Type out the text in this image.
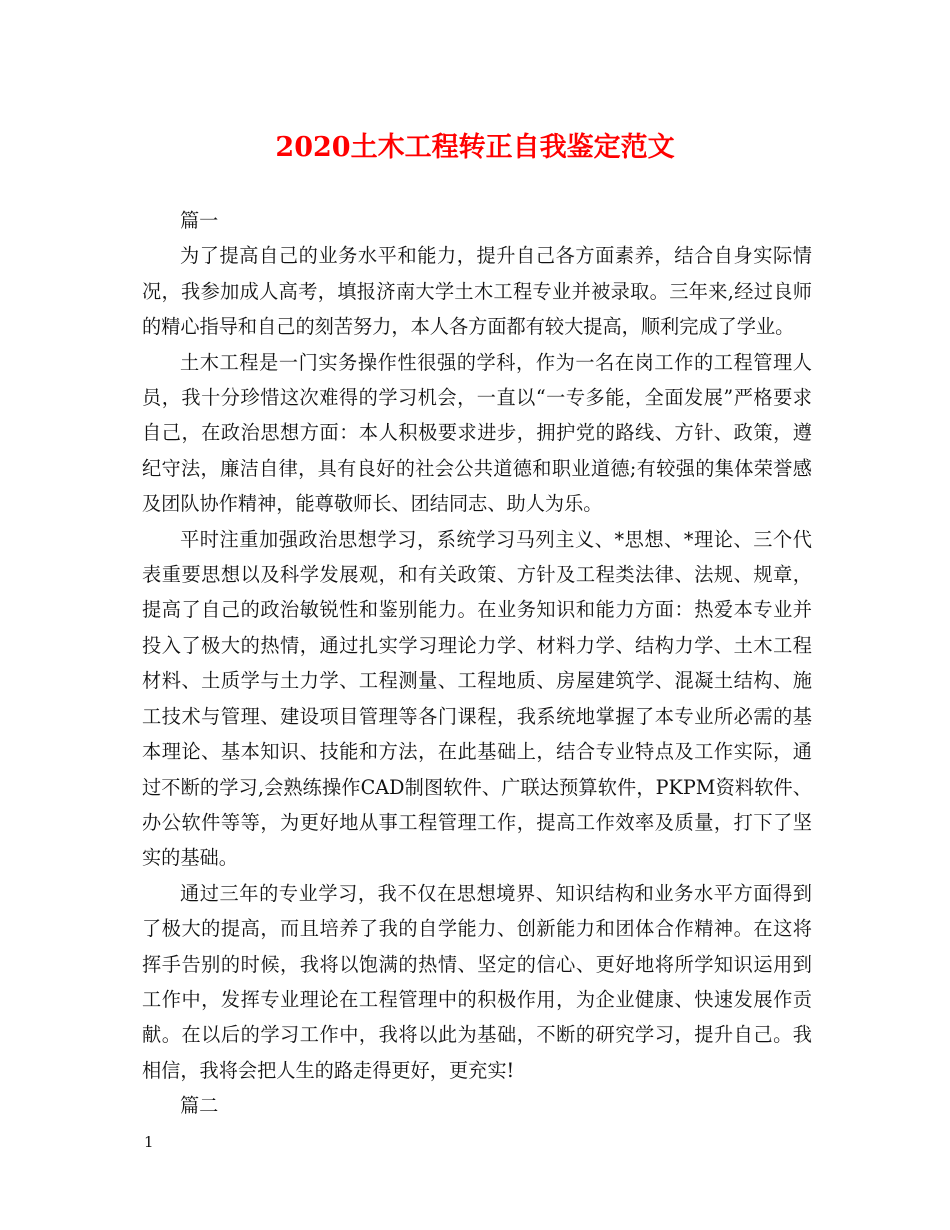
2020土木工程转正自我鉴定范文

篇一

为了提高自己的业务水平和能力，提升自己各方面素养，结合自身实际情况，我参加成人高考，填报济南大学土木工程专业并被录取。三年来,经过良师的精心指导和自己的刻苦努力，本人各方面都有较大提高，顺利完成了学业。

土木工程是一门实务操作性很强的学科，作为一名在岗工作的工程管理人员，我十分珍惜这次难得的学习机会，一直以“一专多能，全面发展”严格要求自己，在政治思想方面：本人积极要求进步，拥护党的路线、方针、政策，遵纪守法，廉洁自律，具有良好的社会公共道德和职业道德;有较强的集体荣誉感及团队协作精神，能尊敬师长、团结同志、助人为乐。

平时注重加强政治思想学习，系统学习马列主义、*思想、*理论、三个代表重要思想以及科学发展观，和有关政策、方针及工程类法律、法规、规章，提高了自己的政治敏锐性和鉴别能力。在业务知识和能力方面：热爱本专业并投入了极大的热情，通过扎实学习理论力学、材料力学、结构力学、土木工程材料、土质学与土力学、工程测量、工程地质、房屋建筑学、混凝土结构、施工技术与管理、建设项目管理等各门课程，我系统地掌握了本专业所必需的基本理论、基本知识、技能和方法，在此基础上，结合专业特点及工作实际，通过不断的学习,会熟练操作CAD制图软件、广联达预算软件，PKPM资料软件、办公软件等等，为更好地从事工程管理工作，提高工作效率及质量，打下了坚实的基础。

通过三年的专业学习，我不仅在思想境界、知识结构和业务水平方面得到了极大的提高，而且培养了我的自学能力、创新能力和团体合作精神。在这将挥手告别的时候，我将以饱满的热情、坚定的信心、更好地将所学知识运用到工作中，发挥专业理论在工程管理中的积极作用，为企业健康、快速发展作贡献。在以后的学习工作中，我将以此为基础，不断的研究学习，提升自己。我相信，我将会把人生的路走得更好，更充实!

篇二

1
